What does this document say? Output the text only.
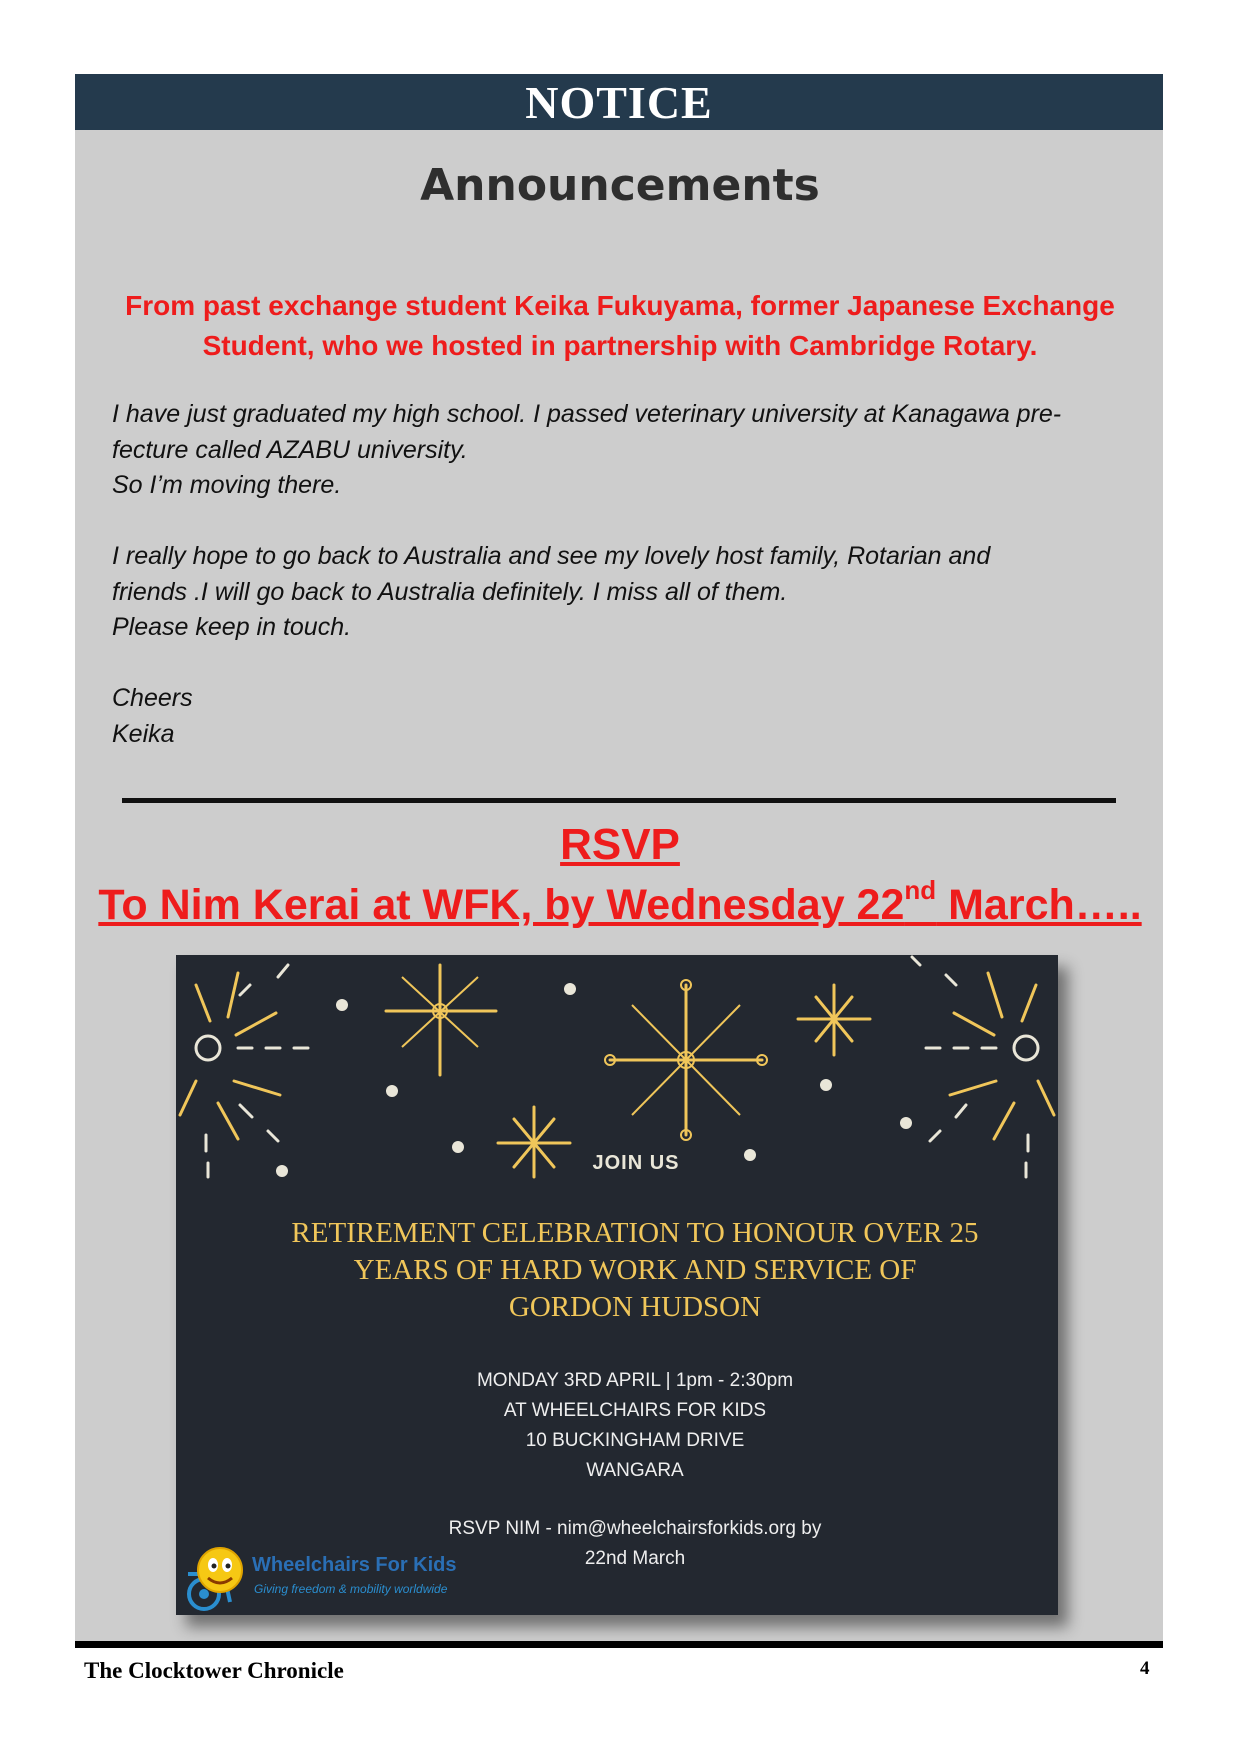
NOTICE
Announcements
From past exchange student Keika Fukuyama, former Japanese Exchange
Student, who we hosted in partnership with Cambridge Rotary.

I have just graduated my high school. I passed veterinary university at Kanagawa pre-

fecture called AZABU university.

So I’m moving there.

I really hope to go back to Australia and see my lovely host family, Rotarian and

friends .I will go back to Australia definitely. I miss all of them.

Please keep in touch.

Cheers

Keika

RSVP
To Nim Kerai at WFK, by Wednesday 22nd March…..
JOIN US
RETIREMENT CELEBRATION TO HONOUR OVER 25
YEARS OF HARD WORK AND SERVICE OF
GORDON HUDSON
MONDAY 3RD APRIL | 1pm - 2:30pm
AT WHEELCHAIRS FOR KIDS
10 BUCKINGHAM DRIVE
WANGARA
RSVP NIM - nim@wheelchairsforkids.org by
22nd March
Wheelchairs For Kids
Giving freedom & mobility worldwide
The Clocktower Chronicle	4
